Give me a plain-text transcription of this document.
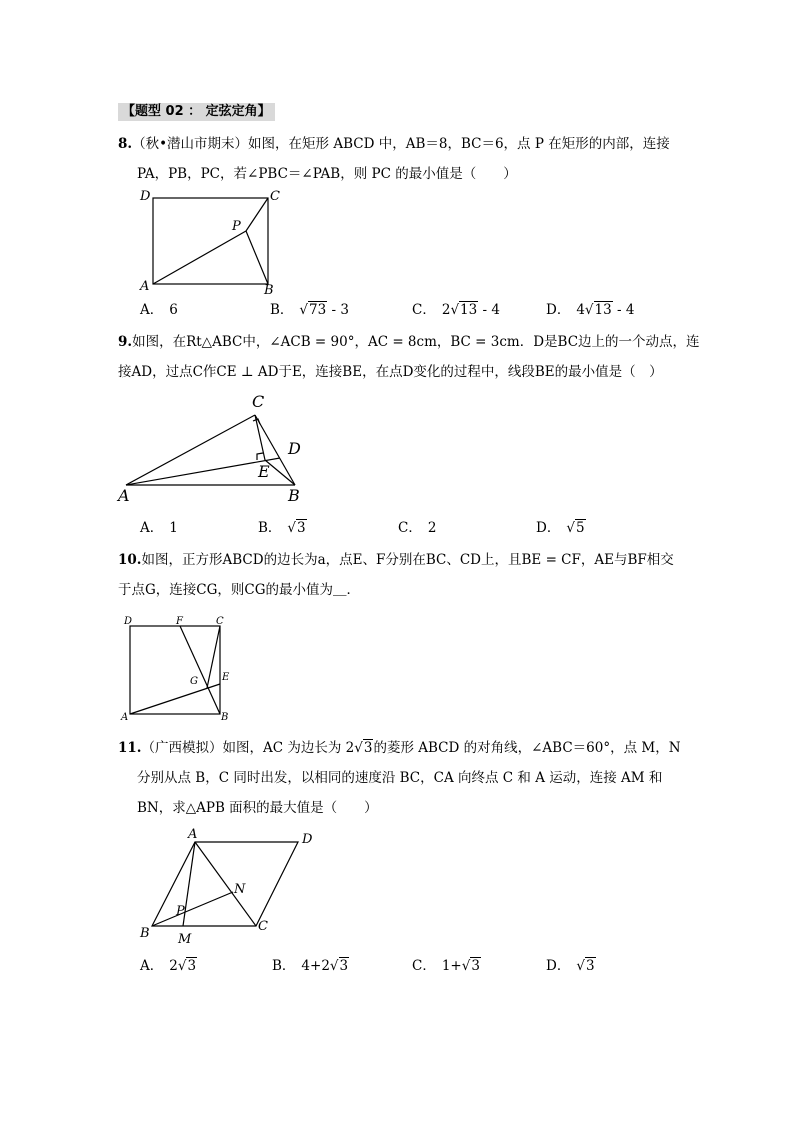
【题型 02 ： 定弦定角】
8.（秋•潜山市期末）如图，在矩形 ABCD 中，AB＝8，BC＝6，点 P 在矩形的内部，连接
PA，PB，PC，若∠PBC＝∠PAB，则 PC 的最小值是（　　）
D	C
P
A	B
A． 6	B． √73 - 3	C． 2√13 - 4	D． 4√13 - 4
9.如图，在Rt△ABC中，∠ACB = 90°，AC = 8cm，BC = 3cm．D是BC边上的一个动点，连
接AD，过点C作CE ⊥ AD于E，连接BE，在点D变化的过程中，线段BE的最小值是（　）
C
D
E
A	B
A． 1	B． √3	C． 2	D． √5
10.如图，正方形ABCD的边长为a，点E、F分别在BC、CD上，且BE = CF，AE与BF相交
于点G，连接CG，则CG的最小值为＿．
D	F	C
G E
A	B
11.（广西模拟）如图，AC 为边长为 2√3的菱形 ABCD 的对角线，∠ABC＝60°，点 M，N
分别从点 B，C 同时出发，以相同的速度沿 BC，CA 向终点 C 和 A 运动，连接 AM 和
BN，求△APB 面积的最大值是（　　）
A	D
N
P
B M
C
A． 2√3	B． 4+2√3	C． 1+√3	D． √3
